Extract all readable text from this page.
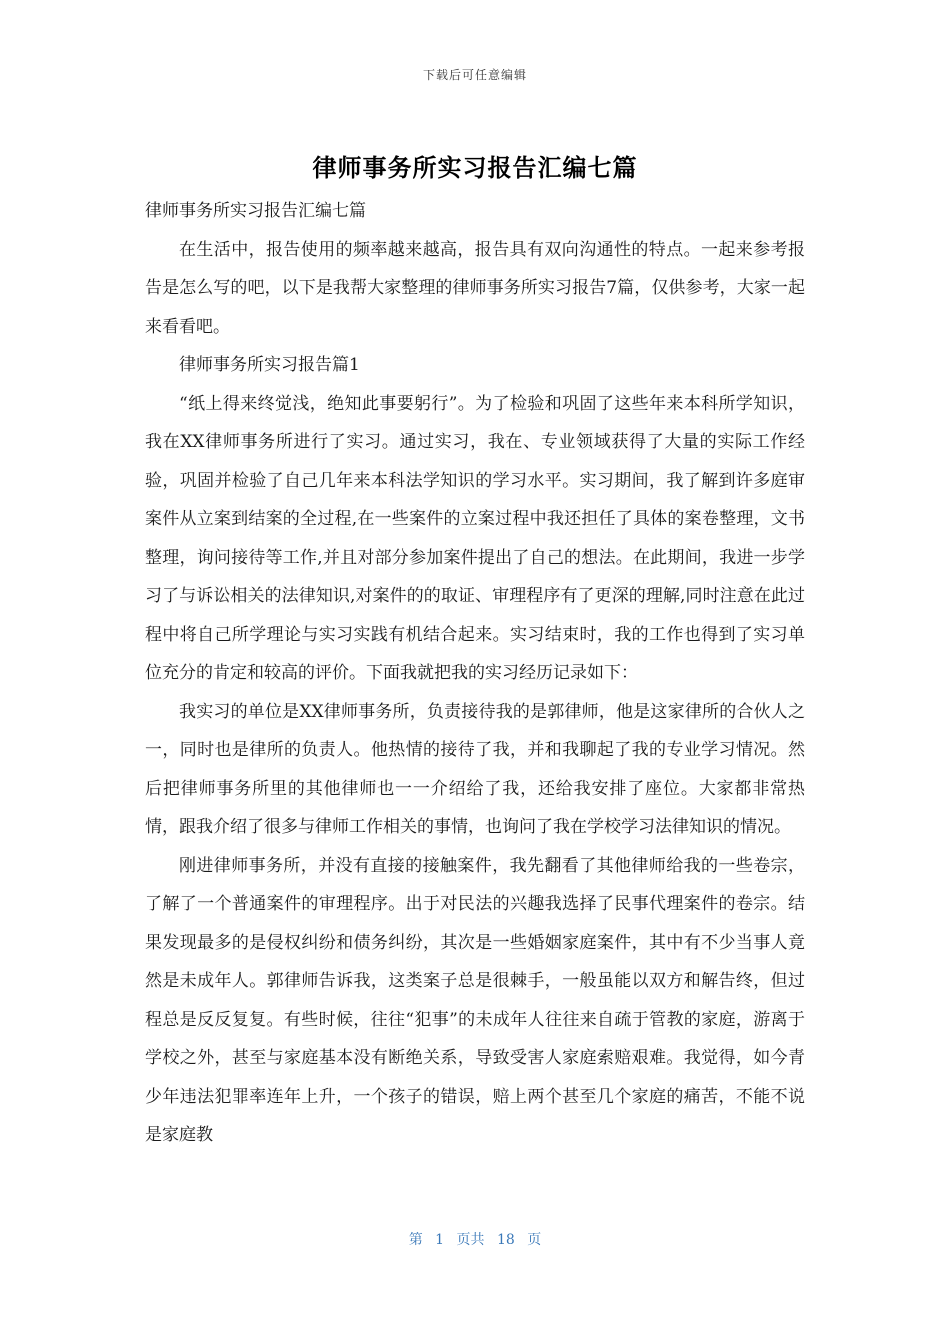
下载后可任意编辑
律师事务所实习报告汇编七篇

律师事务所实习报告汇编七篇

在生活中，报告使用的频率越来越高，报告具有双向沟通性的特点。一起来参考报告是怎么写的吧，以下是我帮大家整理的律师事务所实习报告7篇，仅供参考，大家一起来看看吧。

律师事务所实习报告篇1

“纸上得来终觉浅，绝知此事要躬行”。为了检验和巩固了这些年来本科所学知识，我在XX律师事务所进行了实习。通过实习，我在、专业领域获得了大量的实际工作经验，巩固并检验了自己几年来本科法学知识的学习水平。实习期间，我了解到许多庭审案件从立案到结案的全过程,在一些案件的立案过程中我还担任了具体的案卷整理，文书整理，询问接待等工作,并且对部分参加案件提出了自己的想法。在此期间，我进一步学习了与诉讼相关的法律知识,对案件的的取证、审理程序有了更深的理解,同时注意在此过程中将自己所学理论与实习实践有机结合起来。实习结束时，我的工作也得到了实习单位充分的肯定和较高的评价。下面我就把我的实习经历记录如下：

我实习的单位是XX律师事务所，负责接待我的是郭律师，他是这家律所的合伙人之一，同时也是律所的负责人。他热情的接待了我，并和我聊起了我的专业学习情况。然后把律师事务所里的其他律师也一一介绍给了我，还给我安排了座位。大家都非常热情，跟我介绍了很多与律师工作相关的事情，也询问了我在学校学习法律知识的情况。

刚进律师事务所，并没有直接的接触案件，我先翻看了其他律师给我的一些卷宗，了解了一个普通案件的审理程序。出于对民法的兴趣我选择了民事代理案件的卷宗。结果发现最多的是侵权纠纷和债务纠纷，其次是一些婚姻家庭案件，其中有不少当事人竟然是未成年人。郭律师告诉我，这类案子总是很棘手，一般虽能以双方和解告终，但过程总是反反复复。有些时候，往往“犯事”的未成年人往往来自疏于管教的家庭，游离于学校之外，甚至与家庭基本没有断绝关系，导致受害人家庭索赔艰难。我觉得，如今青少年违法犯罪率连年上升，一个孩子的错误，赔上两个甚至几个家庭的痛苦，不能不说是家庭教

第 1 页共 18 页
